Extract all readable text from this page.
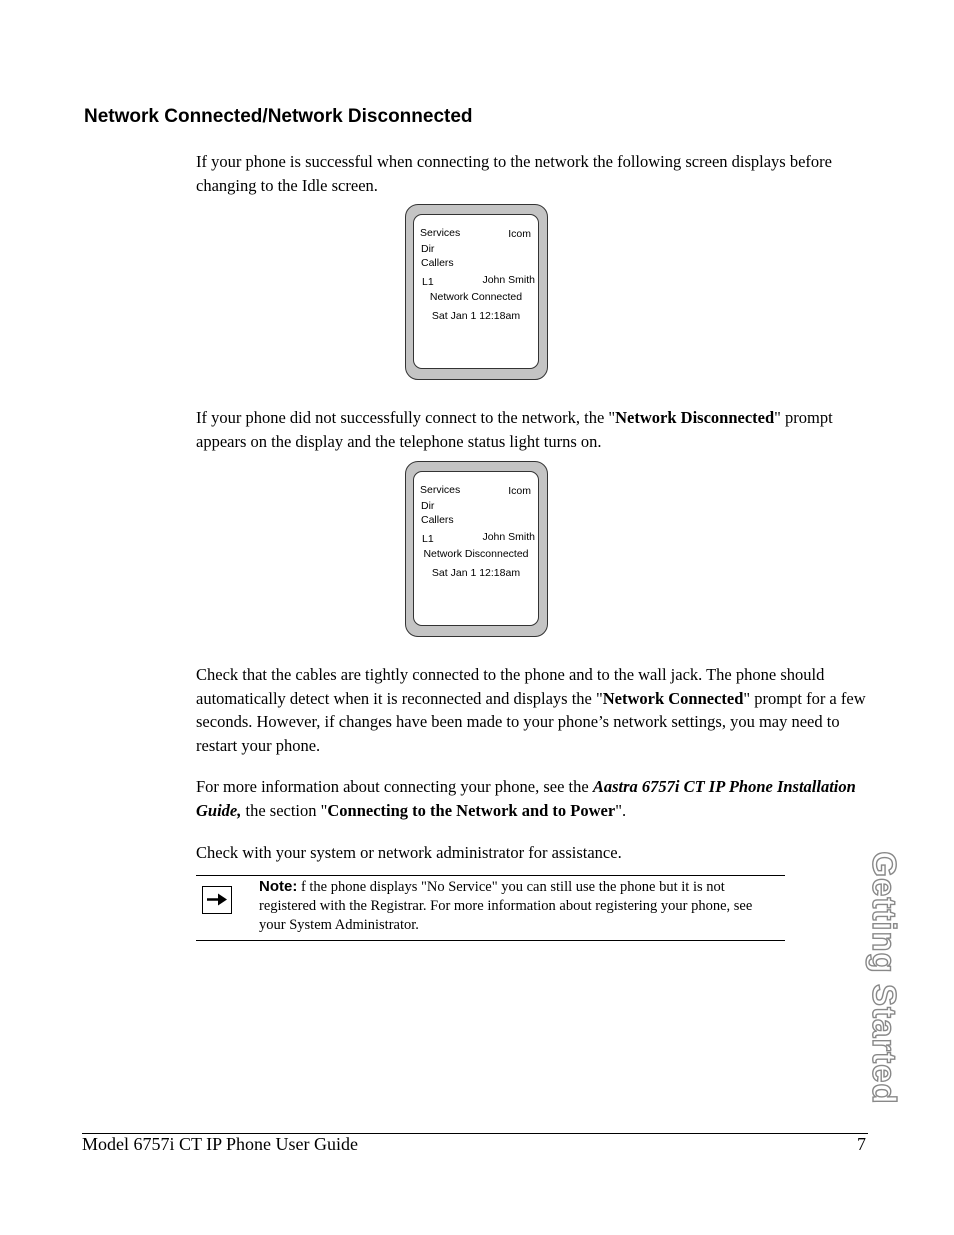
Network Connected/Network Disconnected

If your phone is successful when connecting to the network the following screen displays before changing to the Idle screen.

Services	Icom
Dir
Callers
L1	John Smith
Network Connected
Sat Jan 1 12:18am

If your phone did not successfully connect to the network, the "Network Disconnected" prompt appears on the display and the telephone status light turns on.

Services	Icom
Dir
Callers
L1	John Smith
Network Disconnected
Sat Jan 1 12:18am

Check that the cables are tightly connected to the phone and to the wall jack. The phone should automatically detect when it is reconnected and displays the "Network Connected" prompt for a few seconds. However, if changes have been made to your phone’s network settings, you may need to restart your phone.

For more information about connecting your phone, see the Aastra 6757i CT IP Phone Installation Guide, the section "Connecting to the Network and to Power".

Check with your system or network administrator for assistance.

Note: f the phone displays "No Service" you can still use the phone but it is not registered with the Registrar. For more information about registering your phone, see your System Administrator.	Getting Started
Model 6757i CT IP Phone User Guide	7
